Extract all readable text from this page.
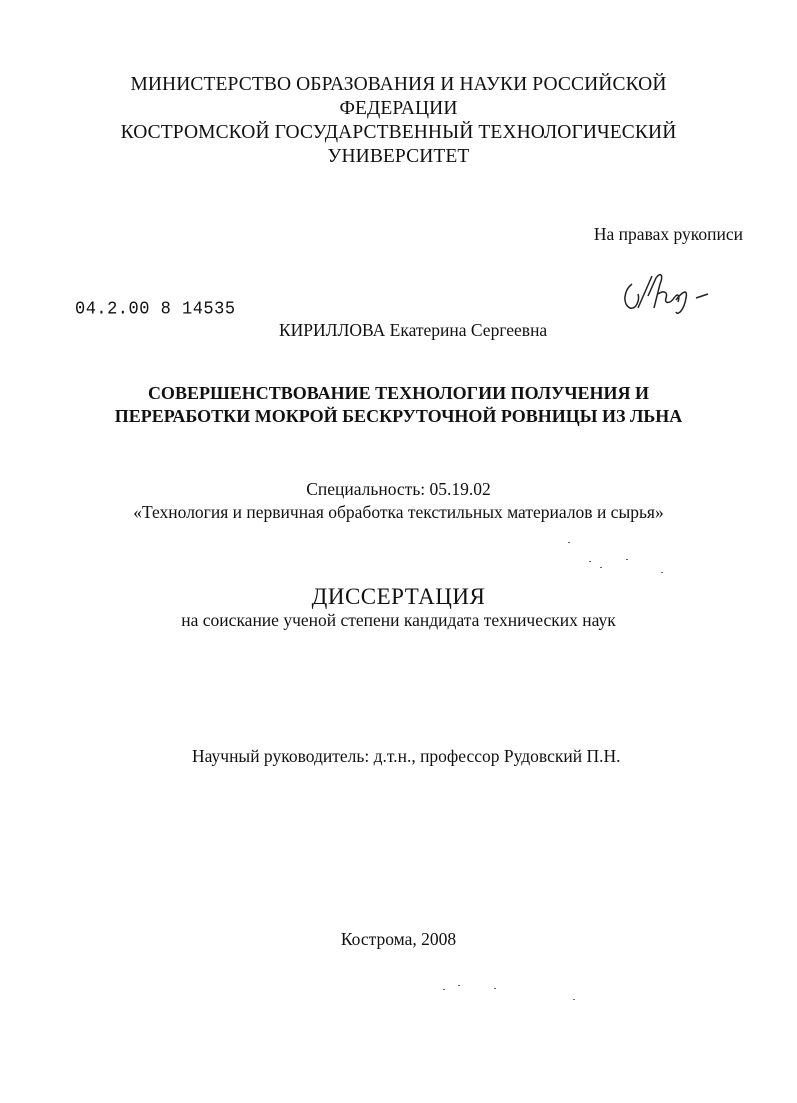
МИНИСТЕРСТВО ОБРАЗОВАНИЯ И НАУКИ РОССИЙСКОЙ
ФЕДЕРАЦИИ
КОСТРОМСКОЙ ГОСУДАРСТВЕННЫЙ ТЕХНОЛОГИЧЕСКИЙ
УНИВЕРСИТЕТ
На правах рукописи
04.2.00 8 14535
КИРИЛЛОВА Екатерина Сергеевна
СОВЕРШЕНСТВОВАНИЕ ТЕХНОЛОГИИ ПОЛУЧЕНИЯ И
ПЕРЕРАБОТКИ МОКРОЙ БЕСКРУТОЧНОЙ РОВНИЦЫ ИЗ ЛЬНА
Специальность: 05.19.02
«Технология и первичная обработка текстильных материалов и сырья»
ДИССЕРТАЦИЯ
на соискание ученой степени кандидата технических наук
Научный руководитель: д.т.н., профессор Рудовский П.Н.
Кострома, 2008
